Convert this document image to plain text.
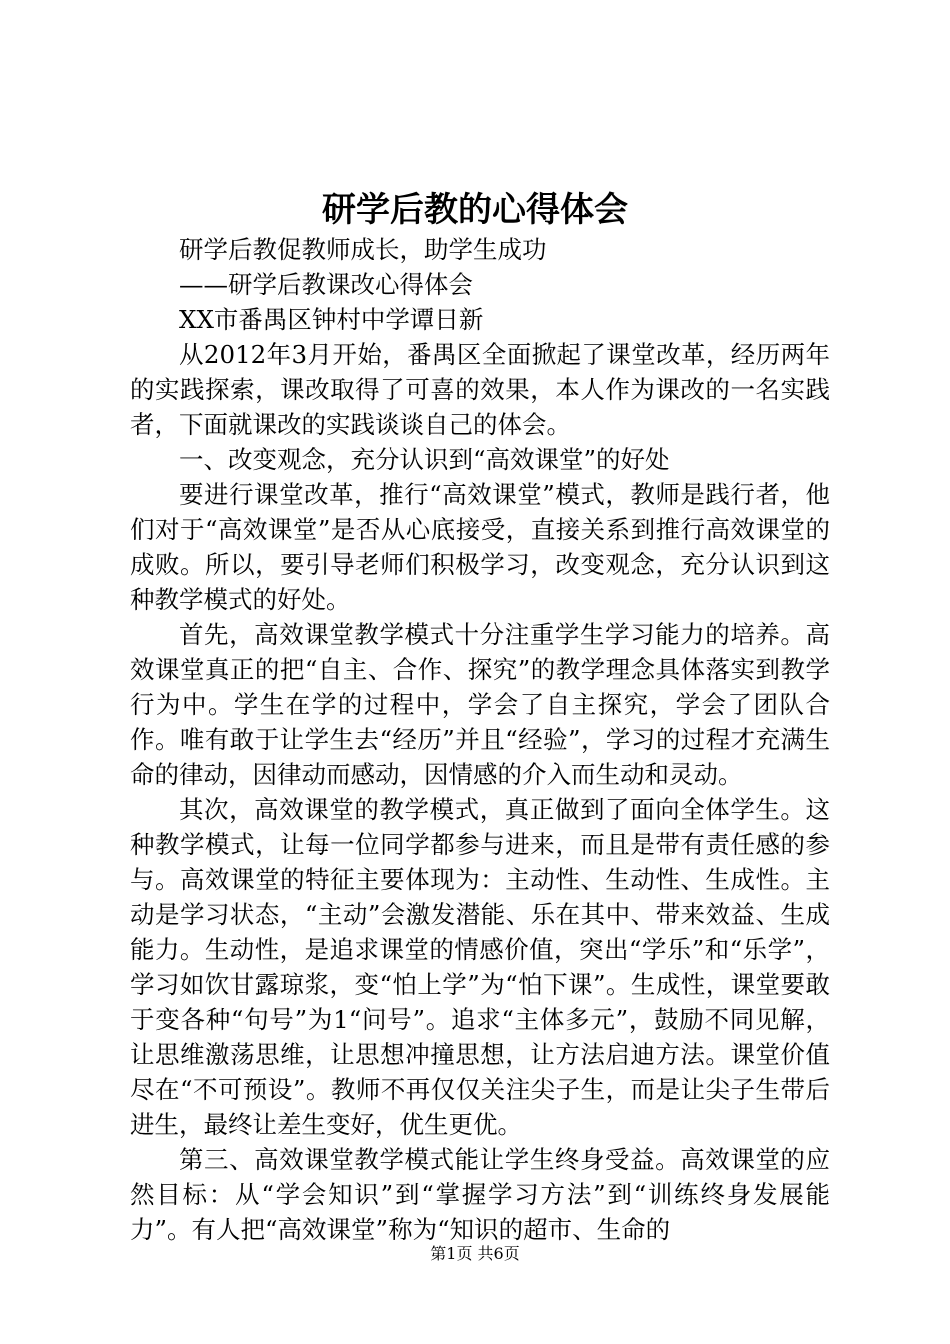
研学后教的心得体会

研学后教促教师成长，助学生成功

——研学后教课改心得体会

XX市番禺区钟村中学谭日新

从2012年3月开始，番禺区全面掀起了课堂改革，经历两年的实践探索，课改取得了可喜的效果，本人作为课改的一名实践者，下面就课改的实践谈谈自己的体会。

一、改变观念，充分认识到“高效课堂”的好处

要进行课堂改革，推行“高效课堂”模式，教师是践行者，他们对于“高效课堂”是否从心底接受，直接关系到推行高效课堂的成败。所以，要引导老师们积极学习，改变观念，充分认识到这种教学模式的好处。

首先，高效课堂教学模式十分注重学生学习能力的培养。高效课堂真正的把“自主、合作、探究”的教学理念具体落实到教学行为中。学生在学的过程中，学会了自主探究，学会了团队合作。唯有敢于让学生去“经历”并且“经验”，学习的过程才充满生命的律动，因律动而感动，因情感的介入而生动和灵动。

其次，高效课堂的教学模式，真正做到了面向全体学生。这种教学模式，让每一位同学都参与进来，而且是带有责任感的参与。高效课堂的特征主要体现为：主动性、生动性、生成性。主动是学习状态，“主动”会激发潜能、乐在其中、带来效益、生成能力。生动性，是追求课堂的情感价值，突出“学乐”和“乐学”，学习如饮甘露琼浆，变“怕上学”为“怕下课”。生成性，课堂要敢于变各种“句号”为1“问号”。追求“主体多元”，鼓励不同见解，让思维激荡思维，让思想冲撞思想，让方法启迪方法。课堂价值尽在“不可预设”。教师不再仅仅关注尖子生，而是让尖子生带后进生，最终让差生变好，优生更优。

第三、高效课堂教学模式能让学生终身受益。高效课堂的应然目标：从“学会知识”到“掌握学习方法”到“训练终身发展能力”。有人把“高效课堂”称为“知识的超市、生命的

第1页 共6页
